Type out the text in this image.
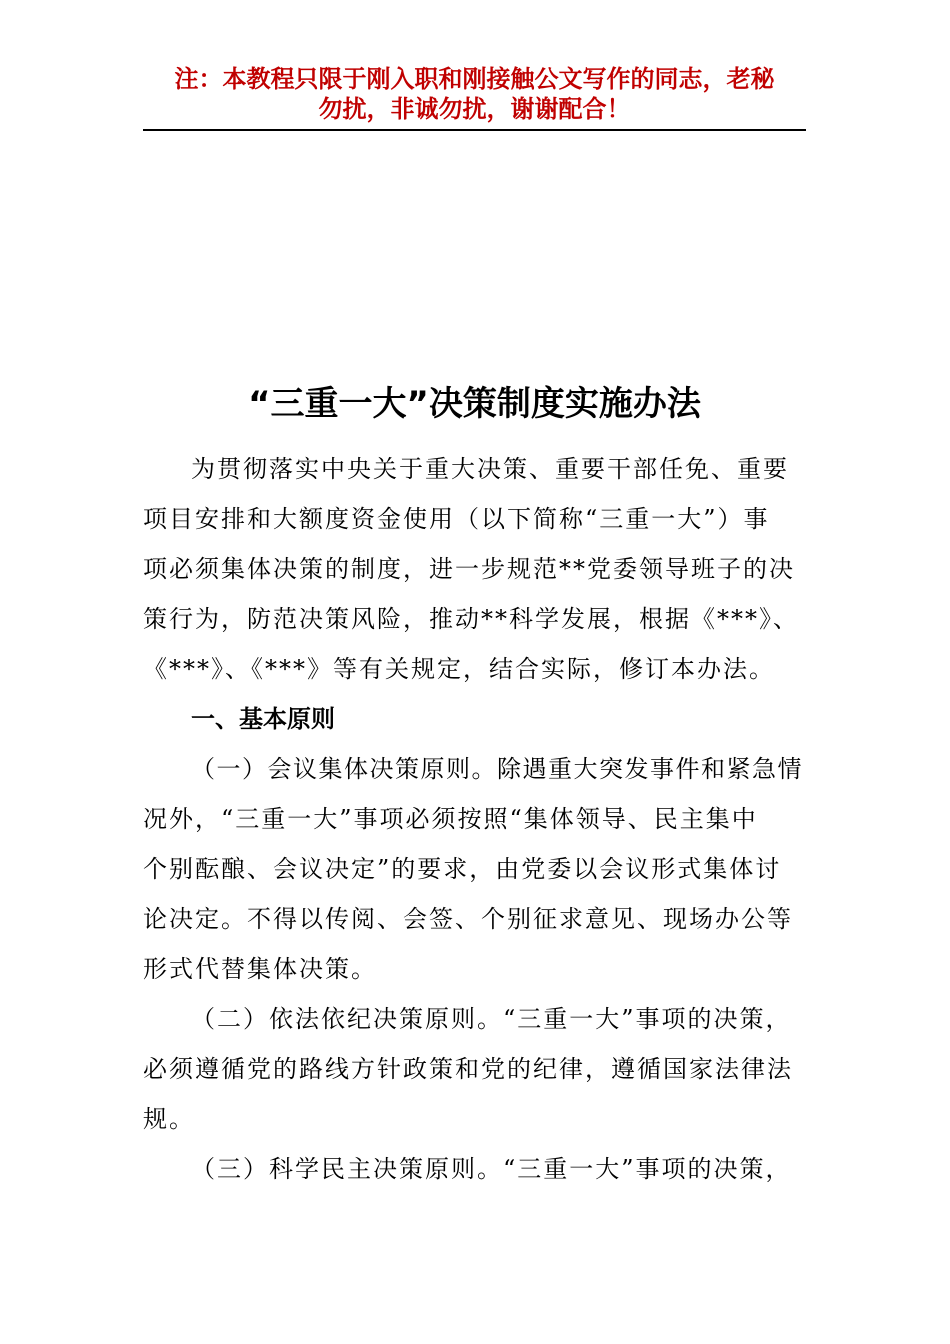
注：本教程只限于刚入职和刚接触公文写作的同志，老秘
勿扰，非诚勿扰，谢谢配合！
“三重一大”决策制度实施办法
为贯彻落实中央关于重大决策、重要干部任免、重要
项目安排和大额度资金使用（以下简称“三重一大”）事
项必须集体决策的制度，进一步规范**党委领导班子的决
策行为，防范决策风险，推动**科学发展，根据《***》、
《***》、《***》等有关规定，结合实际，修订本办法。
一、基本原则
（一）会议集体决策原则。除遇重大突发事件和紧急情
况外，“三重一大”事项必须按照“集体领导、民主集中
个别酝酿、会议决定”的要求，由党委以会议形式集体讨
论决定。不得以传阅、会签、个别征求意见、现场办公等
形式代替集体决策。
（二）依法依纪决策原则。“三重一大”事项的决策，
必须遵循党的路线方针政策和党的纪律，遵循国家法律法
规。
（三）科学民主决策原则。“三重一大”事项的决策，
